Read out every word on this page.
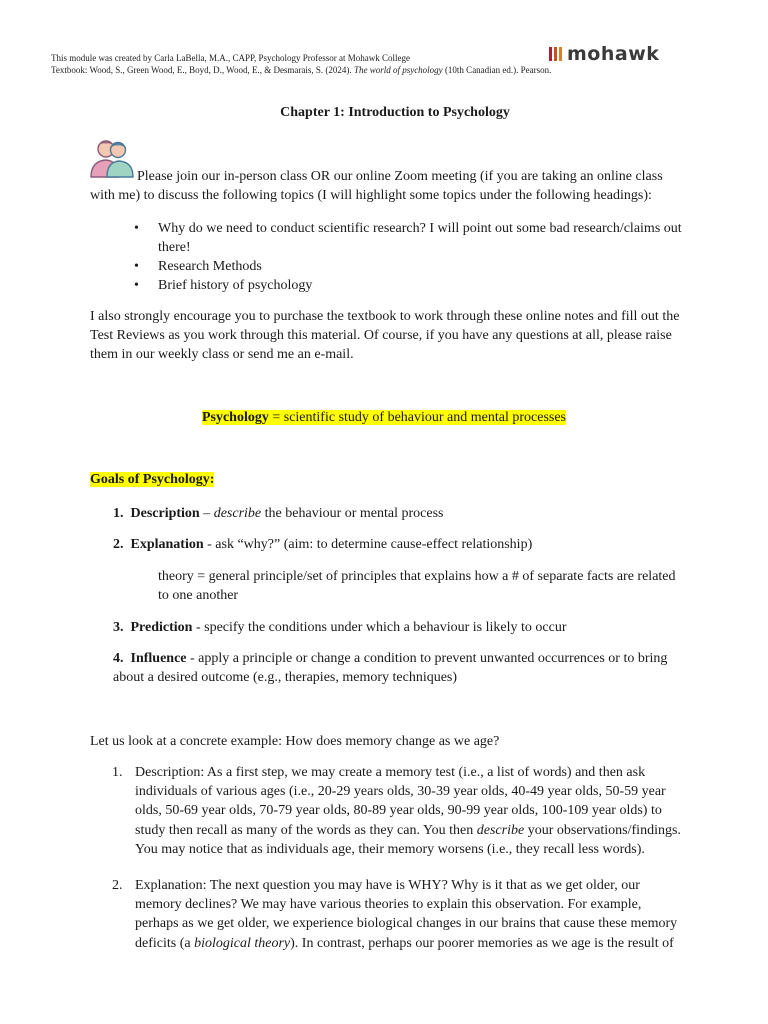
This module was created by Carla LaBella, M.A., CAPP, Psychology Professor at Mohawk College
Textbook: Wood, S., Green Wood, E., Boyd, D., Wood, E., & Desmarais, S. (2024). The world of psychology (10th Canadian ed.). Pearson.
mohawk
Chapter 1: Introduction to Psychology
Please join our in-person class OR our online Zoom meeting (if you are taking an online class with me) to discuss the following topics (I will highlight some topics under the following headings):
• Why do we need to conduct scientific research? I will point out some bad research/claims out there!
• Research Methods
• Brief history of psychology
I also strongly encourage you to purchase the textbook to work through these online notes and fill out the Test Reviews as you work through this material. Of course, if you have any questions at all, please raise them in our weekly class or send me an e-mail.
Psychology = scientific study of behaviour and mental processes
Goals of Psychology:
1. Description – describe the behaviour or mental process
2. Explanation - ask “why?” (aim: to determine cause-effect relationship)
theory = general principle/set of principles that explains how a # of separate facts are related to one another
3. Prediction - specify the conditions under which a behaviour is likely to occur
4. Influence - apply a principle or change a condition to prevent unwanted occurrences or to bring about a desired outcome (e.g., therapies, memory techniques)
Let us look at a concrete example: How does memory change as we age?
1. Description: As a first step, we may create a memory test (i.e., a list of words) and then ask individuals of various ages (i.e., 20-29 years olds, 30-39 year olds, 40-49 year olds, 50-59 year olds, 50-69 year olds, 70-79 year olds, 80-89 year olds, 90-99 year olds, 100-109 year olds) to study then recall as many of the words as they can. You then describe your observations/findings. You may notice that as individuals age, their memory worsens (i.e., they recall less words).
2. Explanation: The next question you may have is WHY? Why is it that as we get older, our memory declines? We may have various theories to explain this observation. For example, perhaps as we get older, we experience biological changes in our brains that cause these memory deficits (a biological theory). In contrast, perhaps our poorer memories as we age is the result of
